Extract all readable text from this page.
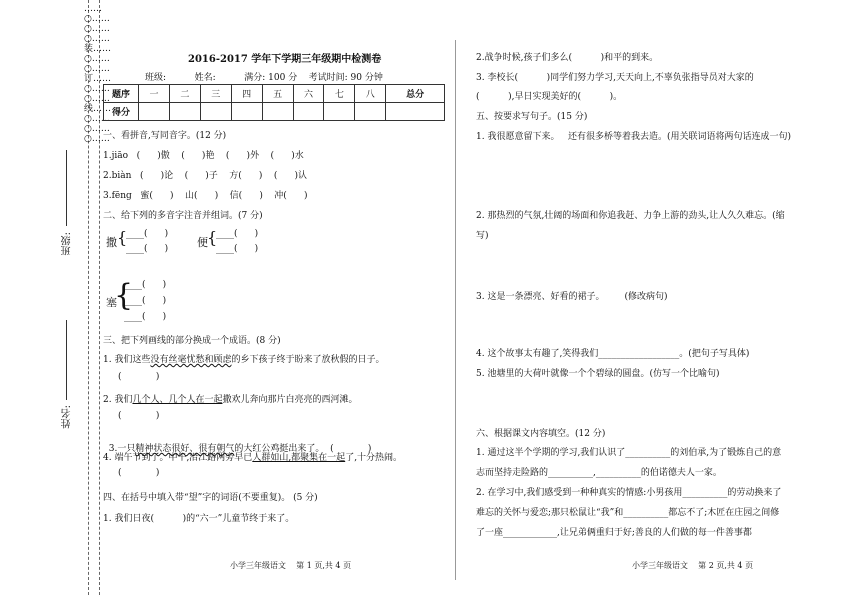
……○……○……○……装……○……○……订……○……○……线……○……○……○……
班级:
姓名:
2016-2017 学年下学期三年级期中检测卷
班级:          姓名:          满分: 100 分    考试时间: 90 分钟
题序	一	二	三	四	五	六	七	八	总分
得分									
一、看拼音,写同音字。(12 分)
1.jiāo   (      )傲    (      )艳    (      )外    (      )水
2.biàn   (      )论    (      )子    方(      )    (      )认
3.fēng   蜜(      )    山(      )    信(      )    冲(      )
二、给下列的多音字注音并组词。(7 分)
撒 {
____(      )
____(      )	便 {
____(      )
____(      )
塞
{
____(      )
____(      )
____(      )
三、把下列画线的部分换成一个成语。(8 分)
1. 我们这些没有丝毫忧愁和顾虑的乡下孩子终于盼来了放秋假的日子。
(            )
2. 我们几个人、几个人在一起撒欢儿奔向那片白亮亮的西河滩。
(            )

3.一只精神状态很好、很有朝气的大红公鸡挺出来了。  (            )

4. 端午节到了。中午,沿江路两旁早已人群如山,都聚集在一起了,十分热闹。
(            )
四、在括号中填入带“望”字的词语(不要重复)。 (5 分)
1. 我们日夜(          )的“六一”儿童节终于来了。
小学三年级语文    第 1 页,共 4 页
2.战争时候,孩子们多么(          )和平的到来。
3. 李校长(          )同学们努力学习,天天向上,不辜负张指导员对大家的
(          ),早日实现美好的(          )。
五、按要求写句子。(15 分)
1. 我很愿意留下来。   还有很多桥等着我去造。(用关联词语将两句话连成一句)
2. 那热烈的气氛,壮阔的场面和你追我赶、力争上游的劲头,让人久久难忘。(缩
写)
3. 这是一条漂亮、好看的裙子。       (修改病句)
4. 这个故事太有趣了,笑得我们__________________。(把句子写具体)
5. 池塘里的大荷叶就像一个个碧绿的圆盘。(仿写一个比喻句)
六、根据课文内容填空。(12 分)
1. 通过这半个学期的学习,我们认识了__________的刘伯承,为了锻炼自己的意
志而坚持走险路的__________,__________的伯诺德夫人一家。
2. 在学习中,我们感受到一种种真实的情感:小男孩用__________的劳动换来了
难忘的关怀与爱恋;那只松鼠让“我”和__________都忘不了;木匠在庄园之间修
了一座____________,让兄弟俩重归于好;善良的人们做的每一件善事都
小学三年级语文    第 2 页,共 4 页
